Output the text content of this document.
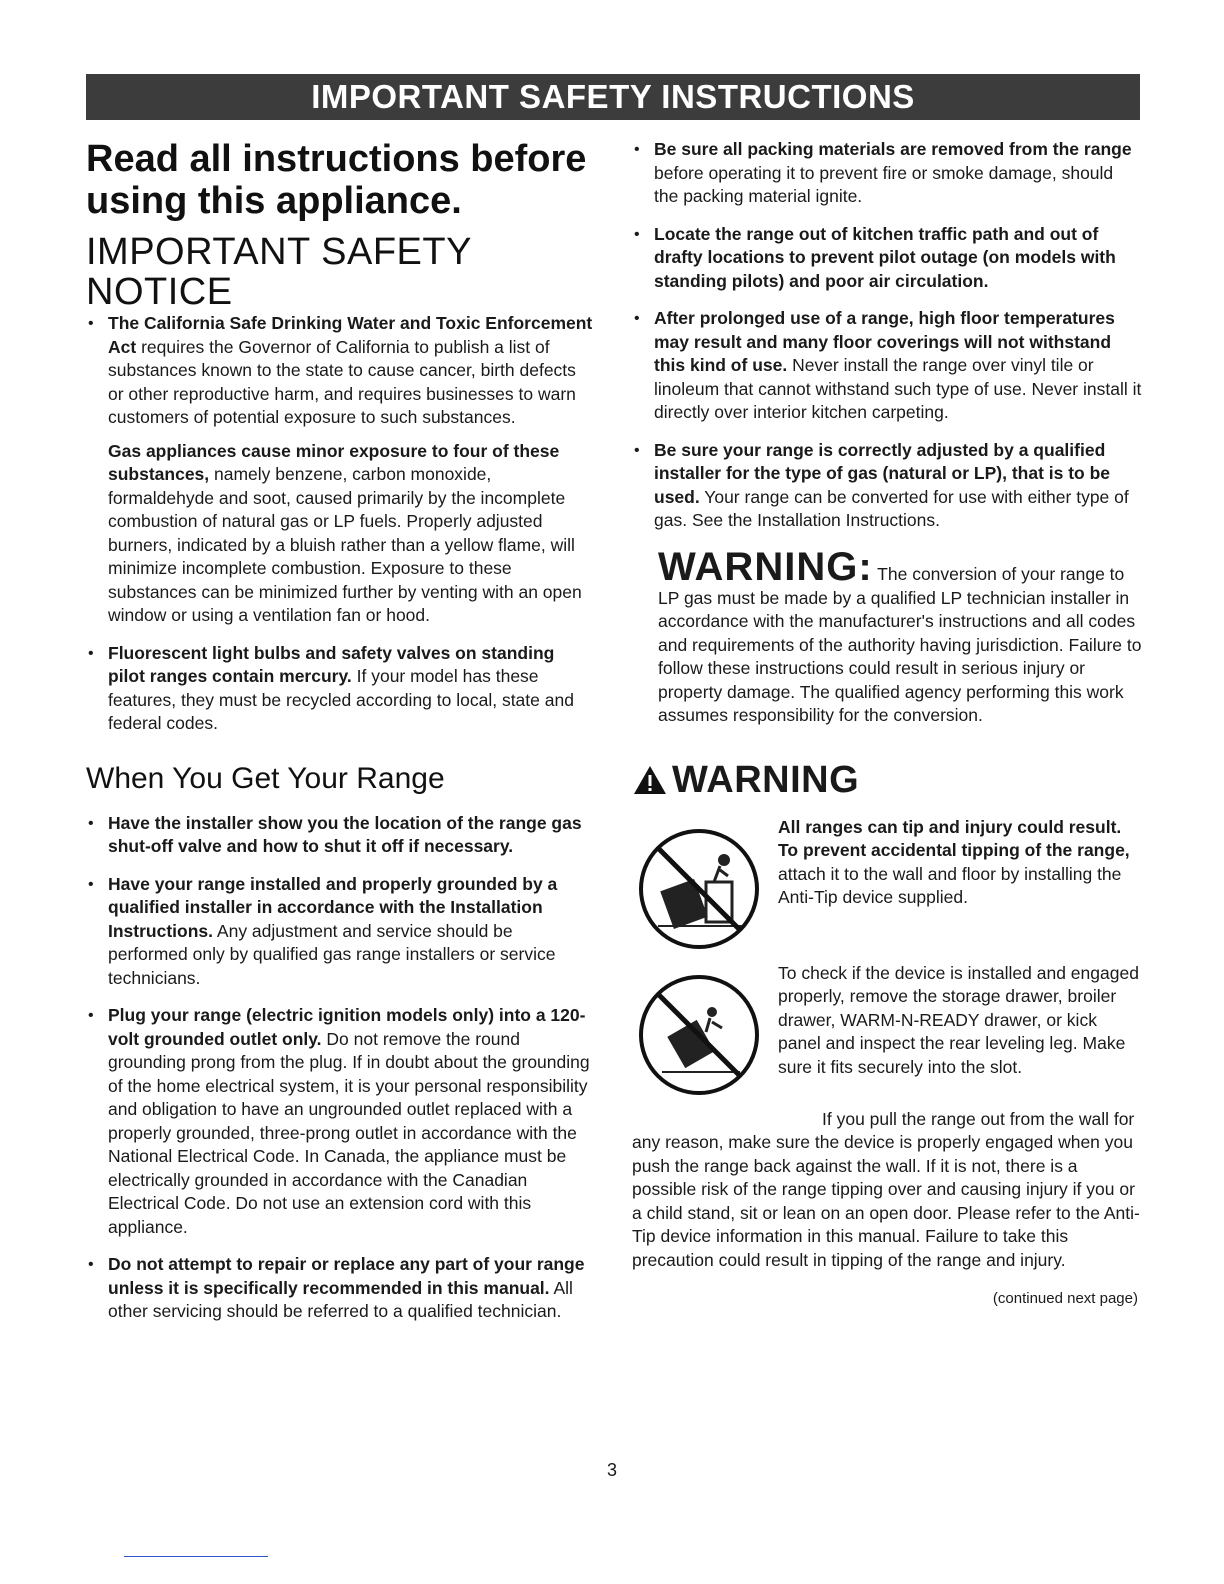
IMPORTANT SAFETY INSTRUCTIONS
Read all instructions before using this appliance.
IMPORTANT SAFETY NOTICE
• The California Safe Drinking Water and Toxic Enforcement Act requires the Governor of California to publish a list of substances known to the state to cause cancer, birth defects or other reproductive harm, and requires businesses to warn customers of potential exposure to such substances.

Gas appliances cause minor exposure to four of these substances, namely benzene, carbon monoxide, formaldehyde and soot, caused primarily by the incomplete combustion of natural gas or LP fuels. Properly adjusted burners, indicated by a bluish rather than a yellow flame, will minimize incomplete combustion. Exposure to these substances can be minimized further by venting with an open window or using a ventilation fan or hood.

• Fluorescent light bulbs and safety valves on standing pilot ranges contain mercury. If your model has these features, they must be recycled according to local, state and federal codes.
When You Get Your Range
• Have the installer show you the location of the range gas shut-off valve and how to shut it off if necessary.
• Have your range installed and properly grounded by a qualified installer in accordance with the Installation Instructions. Any adjustment and service should be performed only by qualified gas range installers or service technicians.
• Plug your range (electric ignition models only) into a 120-volt grounded outlet only. Do not remove the round grounding prong from the plug. If in doubt about the grounding of the home electrical system, it is your personal responsibility and obligation to have an ungrounded outlet replaced with a properly grounded, three-prong outlet in accordance with the National Electrical Code. In Canada, the appliance must be electrically grounded in accordance with the Canadian Electrical Code. Do not use an extension cord with this appliance.
• Do not attempt to repair or replace any part of your range unless it is specifically recommended in this manual. All other servicing should be referred to a qualified technician.
• Be sure all packing materials are removed from the range before operating it to prevent fire or smoke damage, should the packing material ignite.
• Locate the range out of kitchen traffic path and out of drafty locations to prevent pilot outage (on models with standing pilots) and poor air circulation.
• After prolonged use of a range, high floor temperatures may result and many floor coverings will not withstand this kind of use. Never install the range over vinyl tile or linoleum that cannot withstand such type of use. Never install it directly over interior kitchen carpeting.
• Be sure your range is correctly adjusted by a qualified installer for the type of gas (natural or LP), that is to be used. Your range can be converted for use with either type of gas. See the Installation Instructions.
WARNING: The conversion of your range to LP gas must be made by a qualified LP technician installer in accordance with the manufacturer's instructions and all codes and requirements of the authority having jurisdiction. Failure to follow these instructions could result in serious injury or property damage. The qualified agency performing this work assumes responsibility for the conversion.
WARNING
All ranges can tip and injury could result. To prevent accidental tipping of the range, attach it to the wall and floor by installing the Anti-Tip device supplied.
To check if the device is installed and engaged properly, remove the storage drawer, broiler drawer, WARM-N-READY drawer, or kick panel and inspect the rear leveling leg. Make sure it fits securely into the slot.

If you pull the range out from the wall for any reason, make sure the device is properly engaged when you push the range back against the wall. If it is not, there is a possible risk of the range tipping over and causing injury if you or a child stand, sit or lean on an open door. Please refer to the Anti-Tip device information in this manual. Failure to take this precaution could result in tipping of the range and injury.

(continued next page)
3
